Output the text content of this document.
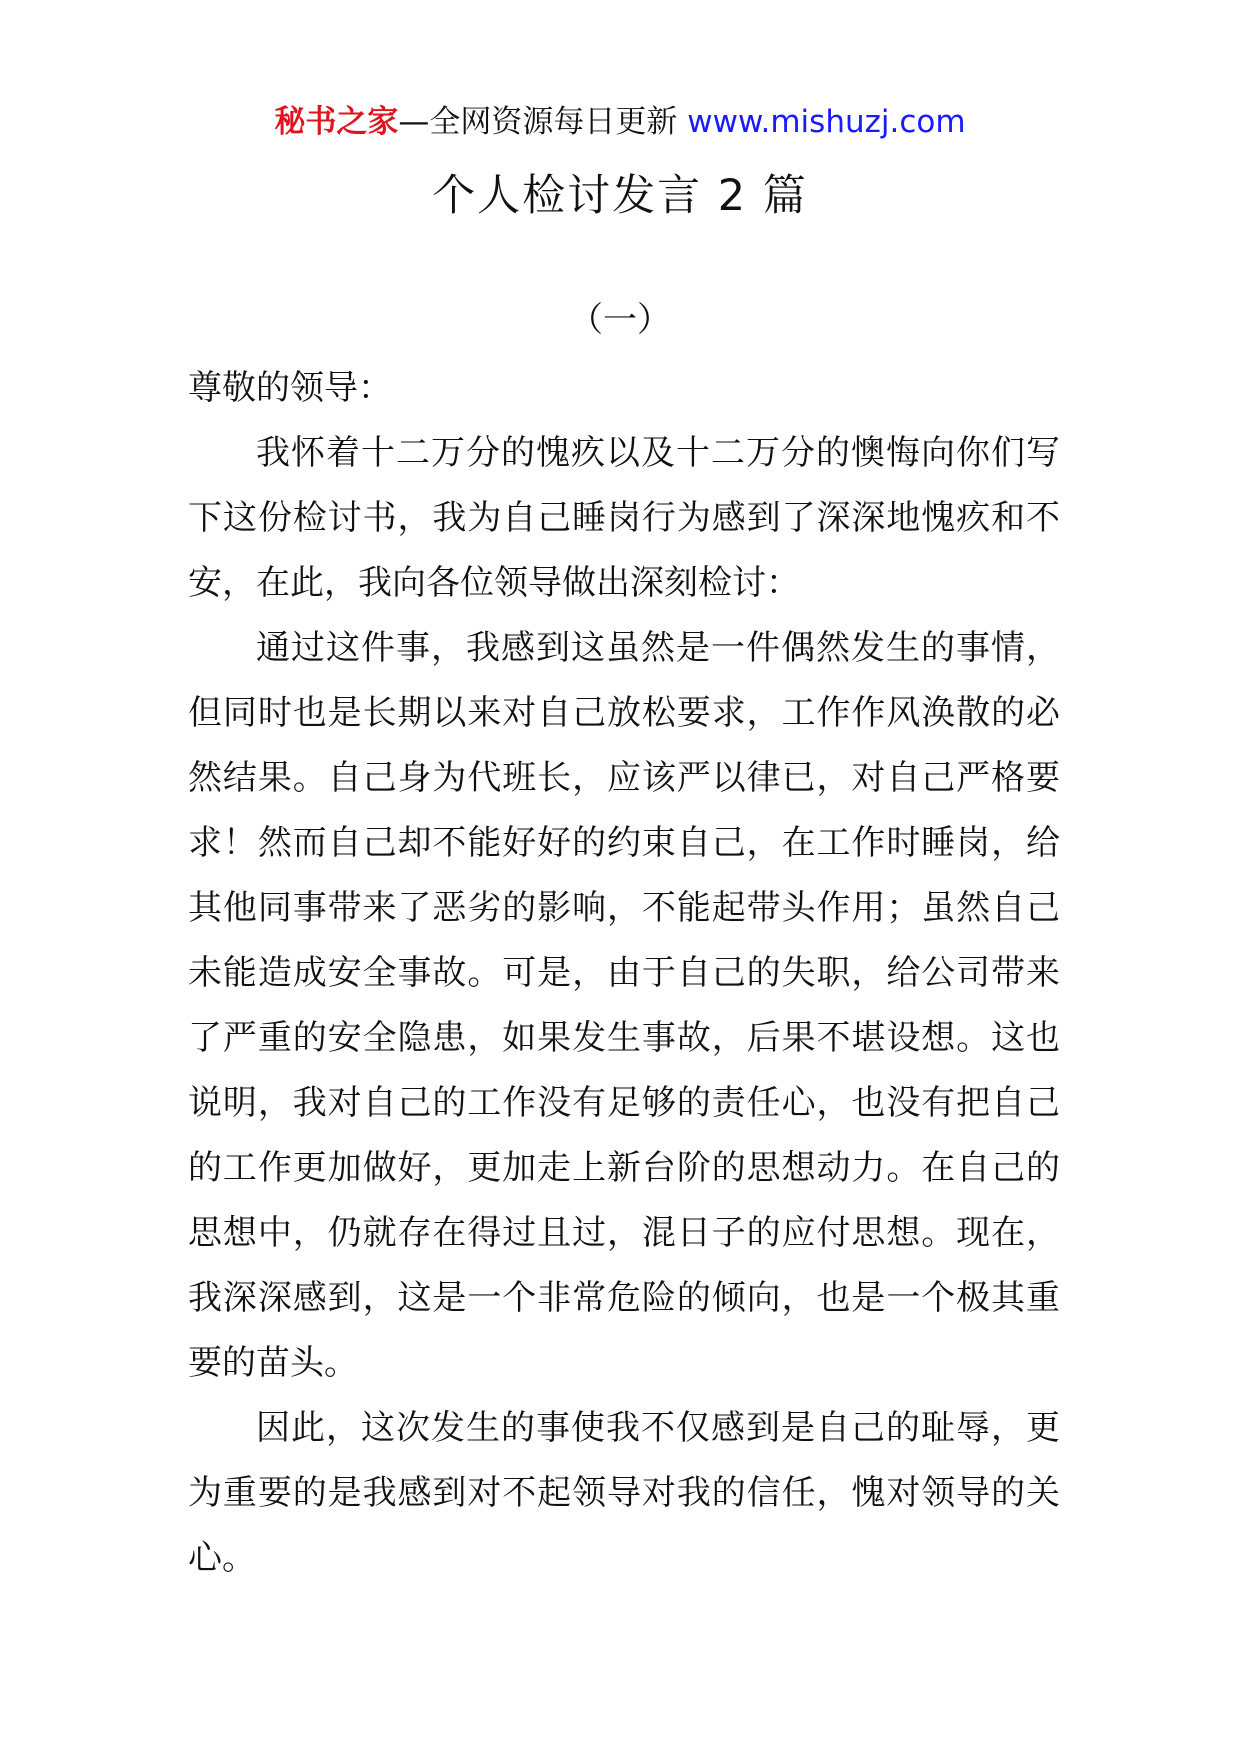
秘书之家—全网资源每日更新 www.mishuzj.com
个人检讨发言 2 篇
（一）

尊敬的领导：

我怀着十二万分的愧疚以及十二万分的懊悔向你们写下这份检讨书，我为自己睡岗行为感到了深深地愧疚和不安，在此，我向各位领导做出深刻检讨：

通过这件事，我感到这虽然是一件偶然发生的事情，但同时也是长期以来对自己放松要求，工作作风涣散的必然结果。自己身为代班长，应该严以律已，对自己严格要求！然而自己却不能好好的约束自己，在工作时睡岗，给其他同事带来了恶劣的影响，不能起带头作用；虽然自己未能造成安全事故。可是，由于自己的失职，给公司带来了严重的安全隐患，如果发生事故，后果不堪设想。这也说明，我对自己的工作没有足够的责任心，也没有把自己的工作更加做好，更加走上新台阶的思想动力。在自己的思想中，仍就存在得过且过，混日子的应付思想。现在，我深深感到，这是一个非常危险的倾向，也是一个极其重要的苗头。

因此，这次发生的事使我不仅感到是自己的耻辱，更为重要的是我感到对不起领导对我的信任，愧对领导的关心。
